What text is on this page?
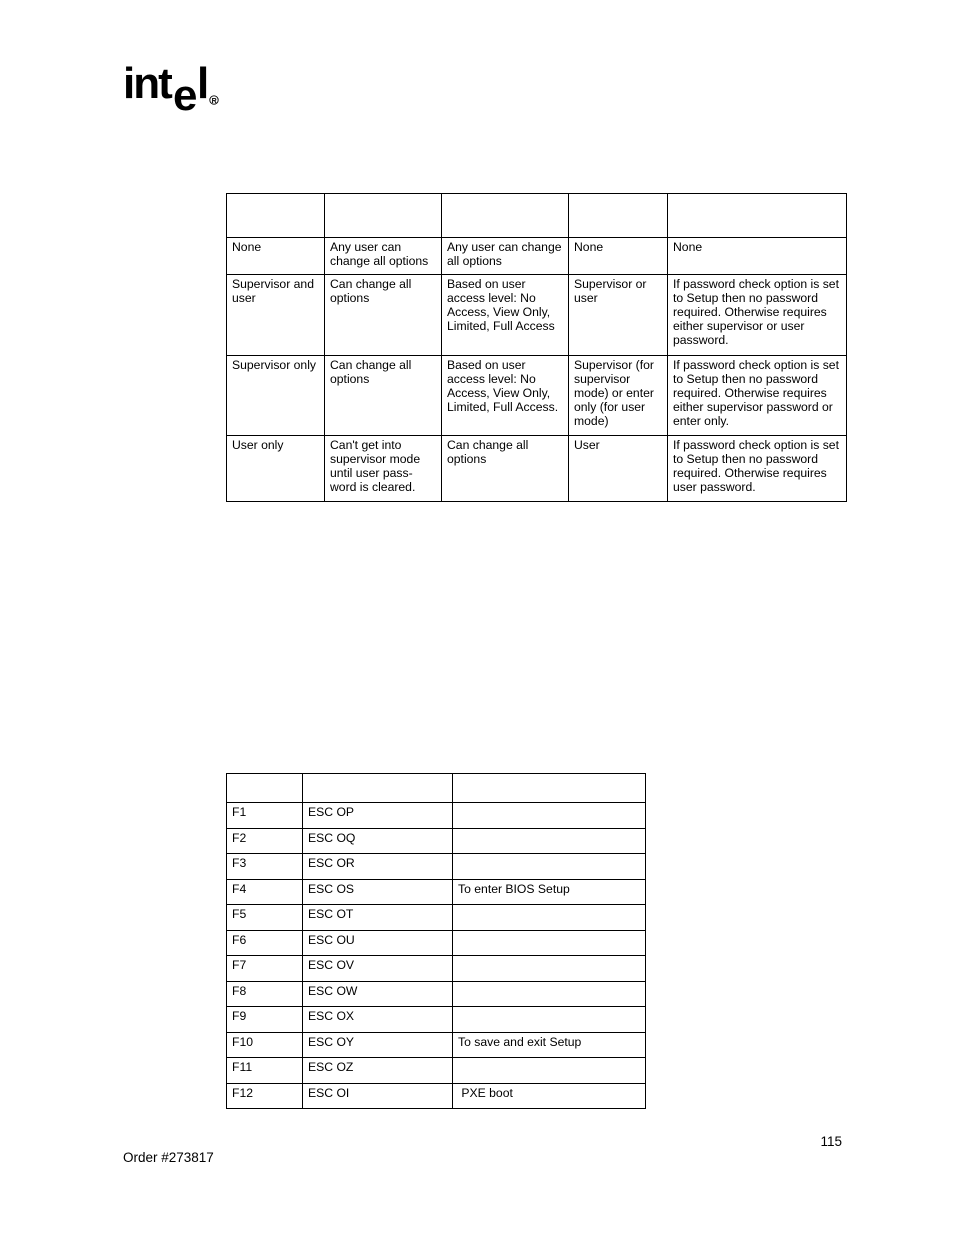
int e l R

None	Any user can change all options	Any user can change all options	None	None
Supervisor and user	Can change all options	Based on user access level: No Access, View Only, Limited, Full Access	Supervisor or user	If password check option is set to Setup then no password required. Otherwise requires either supervisor or user password.
Supervisor only	Can change all options	Based on user access level: No Access, View Only, Limited, Full Access.	Supervisor (for supervisor mode) or enter only (for user mode)	If password check option is set to Setup then no password required. Otherwise requires either supervisor password or enter only.
User only	Can't get into supervisor mode until user pass-word is cleared.	Can change all options	User	If password check option is set to Setup then no password required. Otherwise requires user password.

F1	ESC OP	
F2	ESC OQ	
F3	ESC OR	
F4	ESC OS	To enter BIOS Setup
F5	ESC OT	
F6	ESC OU	
F7	ESC OV	
F8	ESC OW	
F9	ESC OX	
F10	ESC OY	To save and exit Setup
F11	ESC OZ	
F12	ESC OI	PXE boot
115
Order #273817
